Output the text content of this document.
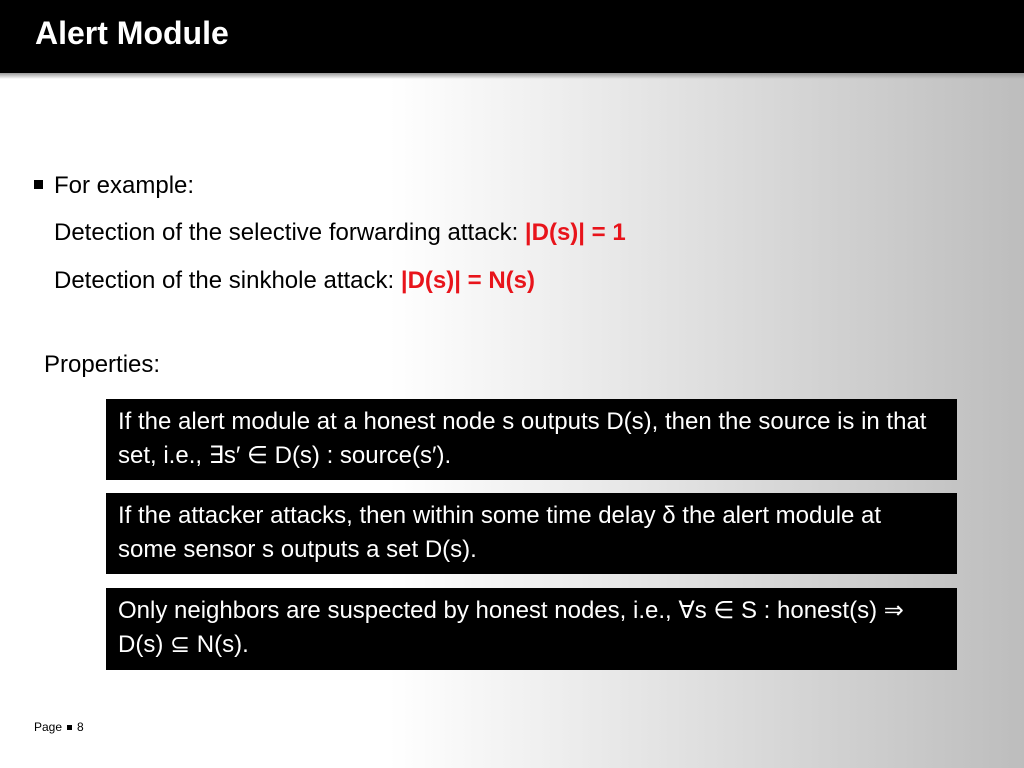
Alert Module
For example:
Detection of the selective forwarding attack: |D(s)| = 1
Detection of the sinkhole attack: |D(s)| = N(s)
Properties:
If the alert module at a honest node s outputs D(s), then the source is in that set, i.e., ∃s′ ∈ D(s) : source(s′).
If the attacker attacks, then within some time delay δ the alert module at some sensor s outputs a set D(s).
Only neighbors are suspected by honest nodes, i.e., ∀s ∈ S : honest(s) ⇒ D(s) ⊆ N(s).
Page 8
